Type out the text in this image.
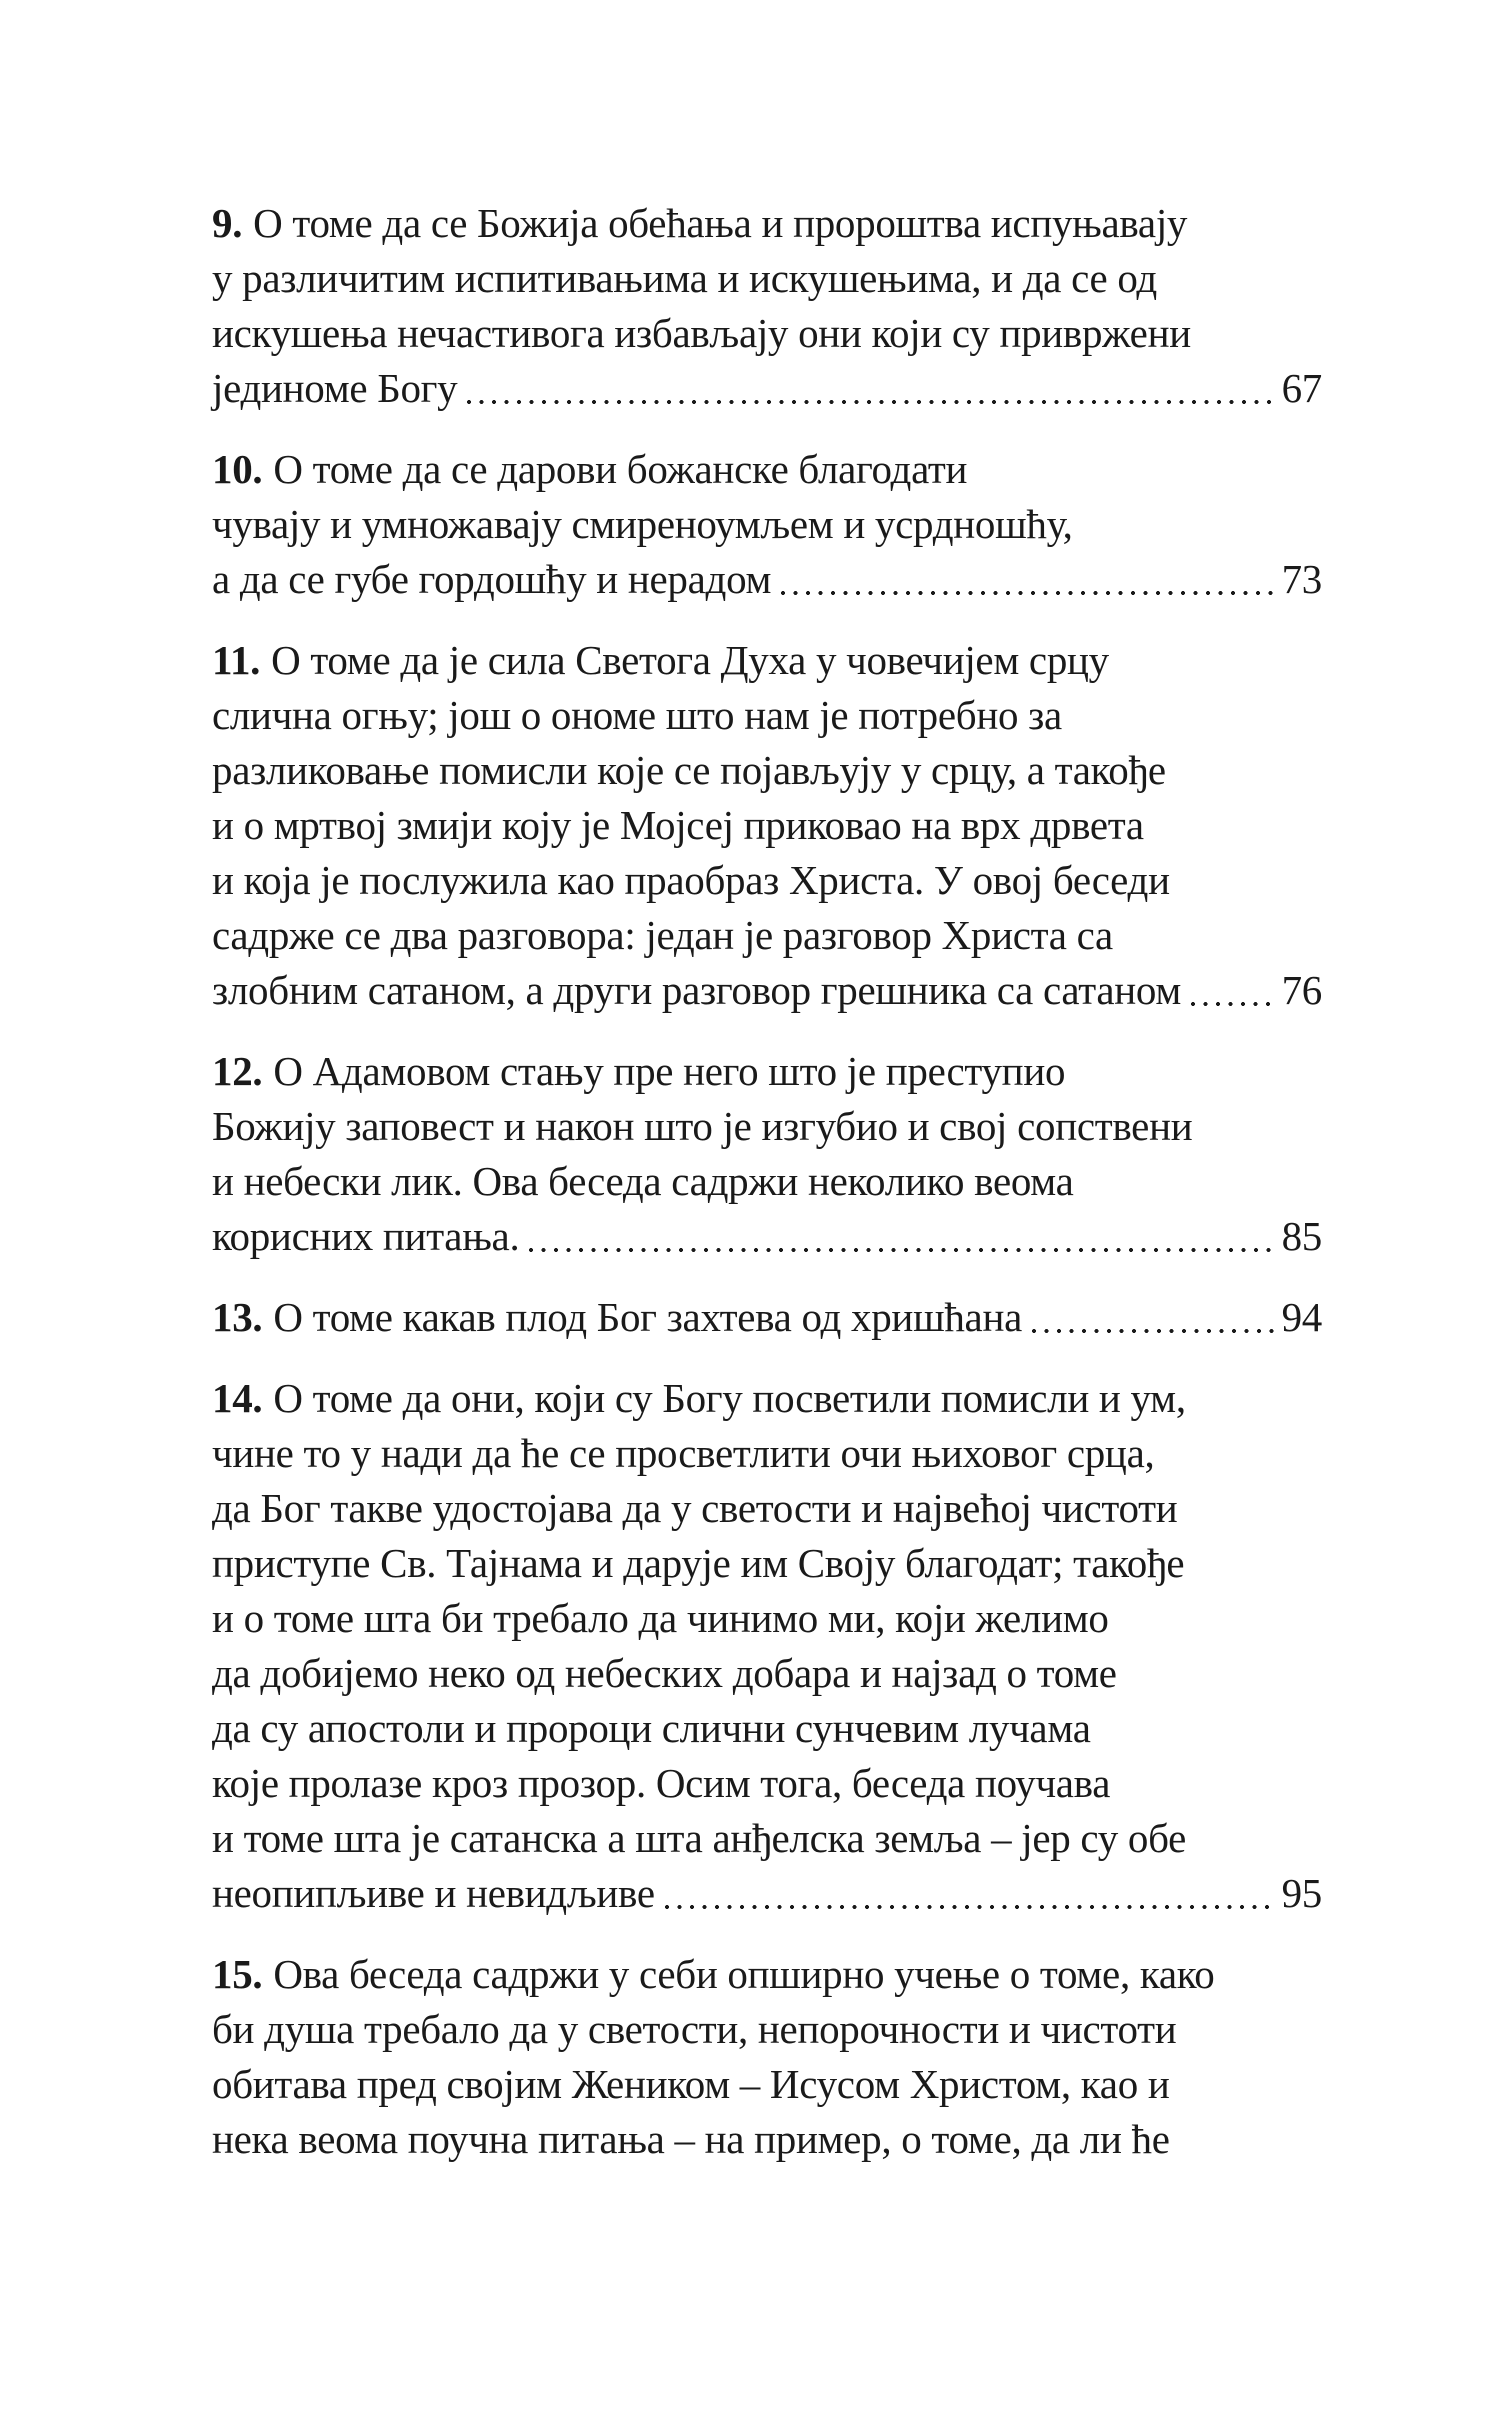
9. О томе да се Божија обећања и пророштва испуњавају
у различитим испитивањима и искушењима, и да се од
искушења нечастивога избављају они који су привржени
јединоме Богу	67
10. О томе да се дарови божанске благодати
чувају и умножавају смиреноумљем и усрдношћу,
а да се губе гордошћу и нерадом	73
11. О томе да је сила Светога Духа у човечијем срцу
слична огњу; још о ономе што нам је потребно за
разликовање помисли које се појављују у срцу, а такође
и о мртвој змији коју је Мојсеј приковао на врх дрвета
и која је послужила као праобраз Христа. У овој беседи
садрже се два разговора: један је разговор Христа са
злобним сатаном, а други разговор грешника са сатаном 76
12. О Адамовом стању пре него што је преступио
Божију заповест и након што је изгубио и свој сопствени
и небески лик. Ова беседа садржи неколико веома
корисних питања.	85
13. О томе какав плод Бог захтева од хришћана	94
14. О томе да они, који су Богу посветили помисли и ум,
чине то у нади да ће се просветлити очи њиховог срца,
да Бог такве удостојава да у светости и највећој чистоти
приступе Св. Тајнама и дарује им Своју благодат; такође
и о томе шта би требало да чинимо ми, који желимо
да добијемо неко од небеских добара и најзад о томе
да су апостоли и пророци слични сунчевим лучама
које пролазе кроз прозор. Осим тога, беседа поучава
и томе шта је сатанска а шта анђелска земља – јер су обе
неопипљиве и невидљиве	95
15. Ова беседа садржи у себи опширно учење о томе, како
би душа требало да у светости, непорочности и чистоти
обитава пред својим Жеником – Исусом Христом, као и
нека веома поучна питања – на пример, о томе, да ли ће
